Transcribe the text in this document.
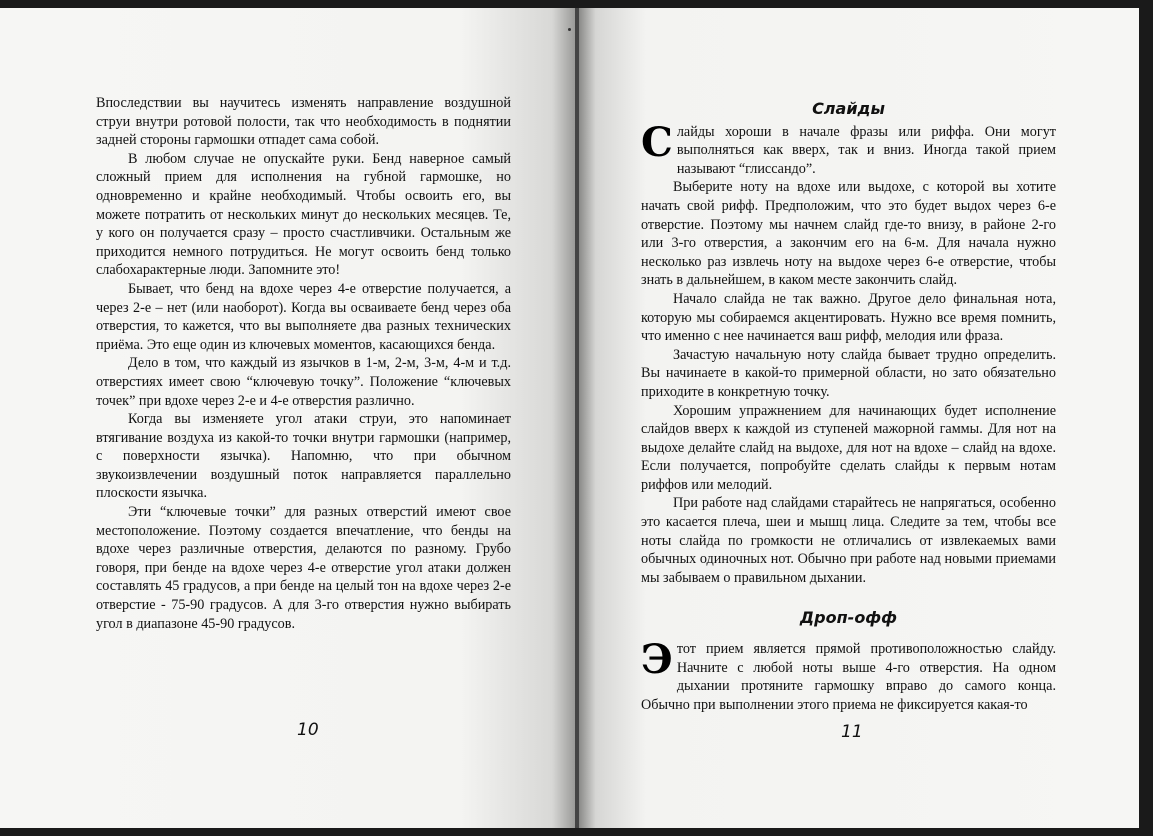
Впоследствии вы научитесь изменять направление воздушной струи внутри ротовой полости, так что необходимость в поднятии задней стороны гармошки отпадет сама собой.

В любом случае не опускайте руки. Бенд наверное самый сложный прием для исполнения на губной гармошке, но одновременно и крайне необходимый. Чтобы освоить его, вы можете потратить от нескольких минут до нескольких месяцев. Те, у кого он получается сразу – просто счастливчики. Остальным же приходится немного потрудиться. Не могут освоить бенд только слабохарактерные люди. Запомните это!

Бывает, что бенд на вдохе через 4-е отверстие получается, а через 2-е – нет (или наоборот). Когда вы осваиваете бенд через оба отверстия, то кажется, что вы выполняете два разных технических приёма. Это еще один из ключевых моментов, касающихся бенда.

Дело в том, что каждый из язычков в 1-м, 2-м, 3-м, 4-м и т.д. отверстиях имеет свою “ключевую точку”. Положение “ключевых точек” при вдохе через 2-е и 4-е отверстия различно.

Когда вы изменяете угол атаки струи, это напоминает втягивание воздуха из какой-то точки внутри гармошки (например, с поверхности язычка). Напомню, что при обычном звукоизвлечении воздушный поток направляется параллельно плоскости язычка.

Эти “ключевые точки” для разных отверстий имеют свое местоположение. Поэтому создается впечатление, что бенды на вдохе через различные отверстия, делаются по разному. Грубо говоря, при бенде на вдохе через 4-е отверстие угол атаки должен составлять 45 градусов, а при бенде на целый тон на вдохе через 2-е отверстие - 75-90 градусов. А для 3-го отверстия нужно выбирать угол в диапазоне 45-90 градусов.

10
Слайды

Слайды хороши в начале фразы или риффа. Они могут выполняться как вверх, так и вниз. Иногда такой прием называют “глиссандо”.

Выберите ноту на вдохе или выдохе, с которой вы хотите начать свой рифф. Предположим, что это будет выдох через 6-е отверстие. Поэтому мы начнем слайд где-то внизу, в районе 2-го или 3-го отверстия, а закончим его на 6-м. Для начала нужно несколько раз извлечь ноту на выдохе через 6-е отверстие, чтобы знать в дальнейшем, в каком месте закончить слайд.

Начало слайда не так важно. Другое дело финальная нота, которую мы собираемся акцентировать. Нужно все время помнить, что именно с нее начинается ваш рифф, мелодия или фраза.

Зачастую начальную ноту слайда бывает трудно определить. Вы начинаете в какой-то примерной области, но зато обязательно приходите в конкретную точку.

Хорошим упражнением для начинающих будет исполнение слайдов вверх к каждой из ступеней мажорной гаммы. Для нот на выдохе делайте слайд на выдохе, для нот на вдохе – слайд на вдохе. Если получается, попробуйте сделать слайды к первым нотам риффов или мелодий.

При работе над слайдами старайтесь не напрягаться, особенно это касается плеча, шеи и мышц лица. Следите за тем, чтобы все ноты слайда по громкости не отличались от извлекаемых вами обычных одиночных нот. Обычно при работе над новыми приемами мы забываем о правильном дыхании.

Дроп-офф

Этот прием является прямой противоположностью слайду. Начните с любой ноты выше 4-го отверстия. На одном дыхании протяните гармошку вправо до самого конца. Обычно при выполнении этого приема не фиксируется какая-то

11
